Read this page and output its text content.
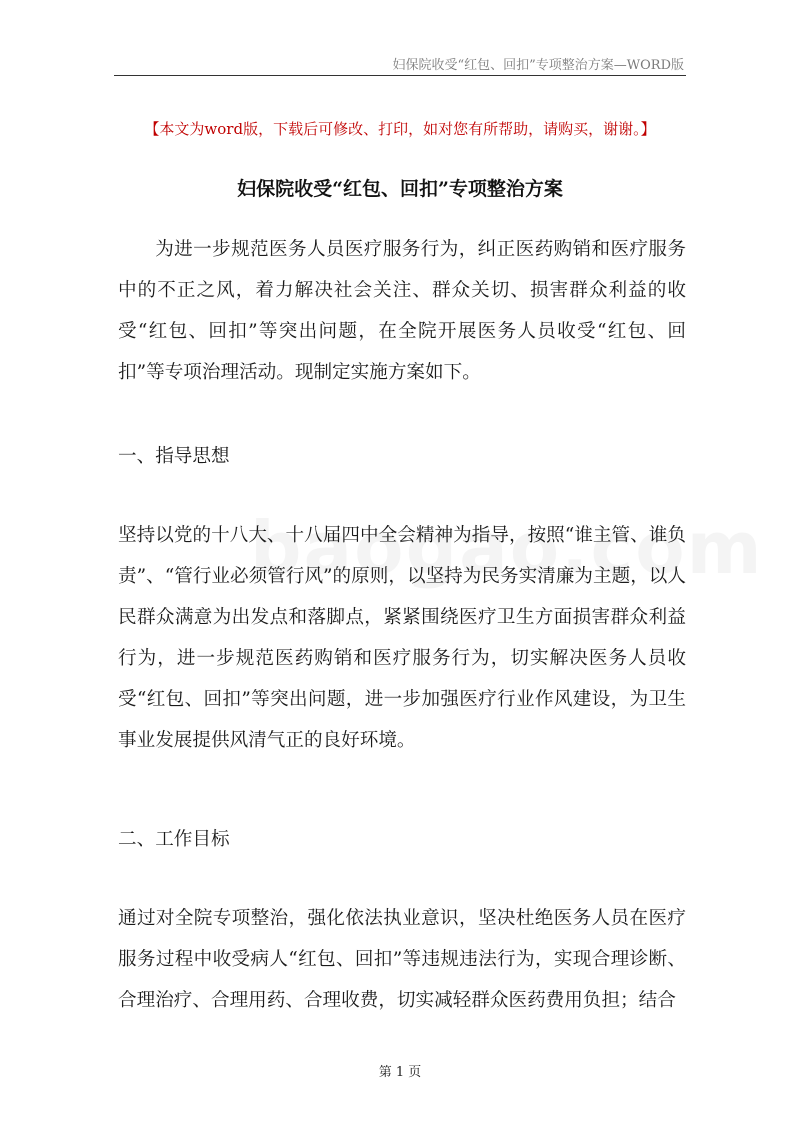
妇保院收受“红包、回扣”专项整治方案—WORD版
【本文为word版，下载后可修改、打印，如对您有所帮助，请购买，谢谢。】
妇保院收受“红包、回扣”专项整治方案

为进一步规范医务人员医疗服务行为，纠正医药购销和医疗服务中的不正之风，着力解决社会关注、群众关切、损害群众利益的收受“红包、回扣”等突出问题，在全院开展医务人员收受“红包、回扣”等专项治理活动。现制定实施方案如下。

一、指导思想

坚持以党的十八大、十八届四中全会精神为指导，按照“谁主管、谁负责”、“管行业必须管行风”的原则，以坚持为民务实清廉为主题，以人民群众满意为出发点和落脚点，紧紧围绕医疗卫生方面损害群众利益行为，进一步规范医药购销和医疗服务行为，切实解决医务人员收受“红包、回扣”等突出问题，进一步加强医疗行业作风建设，为卫生事业发展提供风清气正的良好环境。

二、工作目标

通过对全院专项整治，强化依法执业意识，坚决杜绝医务人员在医疗服务过程中收受病人“红包、回扣”等违规违法行为，实现合理诊断、合理治疗、合理用药、合理收费，切实减轻群众医药费用负担；结合

第 1 页
